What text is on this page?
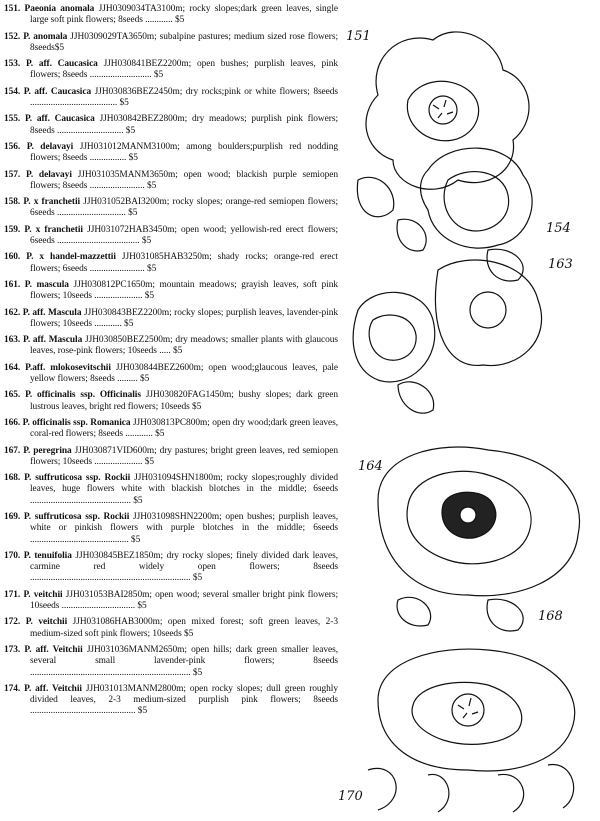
151. Paeonia anomala JJH0309034TA3100m; rocky slopes;dark green leaves, single large soft pink flowers; 8seeds ............ $5
152. P. anomala JJH0309029TA3650m; subalpine pastures; medium sized rose flowers; 8seeds$5
153. P. aff. Caucasica JJH030841BEZ2200m; open bushes; purplish leaves, pink flowers; 8seeds ........................... $5
154. P. aff. Caucasica JJH030836BEZ2450m; dry rocks;pink or white flowers; 8seeds ...................................... $5
155. P. aff. Caucasica JJH030842BEZ2800m; dry meadows; purplish pink flowers; 8seeds ............................. $5
156. P. delavayi JJH031012MANM3100m; among boulders;purplish red nodding flowers; 8seeds ................ $5
157. P. delavayi JJH031035MANM3650m; open wood; blackish purple semiopen flowers; 8seeds ........................ $5
158. P. x franchetii JJH031052BAI3200m; rocky slopes; orange-red semiopen flowers; 6seeds .............................. $5
159. P. x franchetii JJH031072HAB3450m; open wood; yellowish-red erect flowers; 6seeds .................................... $5
160. P. x handel-mazzettii JJH031085HAB3250m; shady rocks; orange-red erect flowers; 6seeds ........................ $5
161. P. mascula JJH030812PC1650m; mountain meadows; grayish leaves, soft pink flowers; 10seeds ..................... $5
162. P. aff. Mascula JJH030843BEZ2200m; rocky slopes; purplish leaves, lavender-pink flowers; 10seeds ............ $5
163. P. aff. Mascula JJH030850BEZ2500m; dry meadows; smaller plants with glaucous leaves, rose-pink flowers; 10seeds ..... $5
164. P.aff. mlokosevitschii JJH030844BEZ2600m; open wood;glaucous leaves, pale yellow flowers; 8seeds ......... $5
165. P. officinalis ssp. Officinalis JJH030820FAG1450m; bushy slopes; dark green lustrous leaves, bright red flowers; 10seeds $5
166. P. officinalis ssp. Romanica JJH030813PC800m; open dry wood;dark green leaves, coral-red flowers; 8seeds ............ $5
167. P. peregrina JJH030871VID600m; dry pastures; bright green leaves, red semiopen flowers; 10seeds ..................... $5
168. P. suffruticosa ssp. Rockii JJH031094SHN1800m; rocky slopes;roughly divided leaves, huge flowers white with blackish blotches in the middle; 6seeds ............................................ $5
169. P. suffruticosa ssp. Rockii JJH031098SHN2200m; open bushes; purplish leaves, white or pinkish flowers with purple blotches in the middle; 6seeds ........................................... $5
170. P. tenuifolia JJH030845BEZ1850m; dry rocky slopes; finely divided dark leaves, carmine red widely open flowers; 8seeds ...................................................................... $5
171. P. veitchii JJH031053BAI2850m; open wood; several smaller bright pink flowers; 10seeds ................................ $5
172. P. veitchii JJH031086HAB3000m; open mixed forest; soft green leaves, 2-3 medium-sized soft pink flowers; 10seeds $5
173. P. aff. Veitchii JJH031036MANM2650m; open hills; dark green smaller leaves, several small lavender-pink flowers; 8seeds ...................................................................... $5
174. P. aff. Veitchii JJH031013MANM2800m; open rocky slopes; dull green roughly divided leaves, 2-3 medium-sized purplish pink flowers; 8seeds .............................................. $5
151
154
163
164
168
170
